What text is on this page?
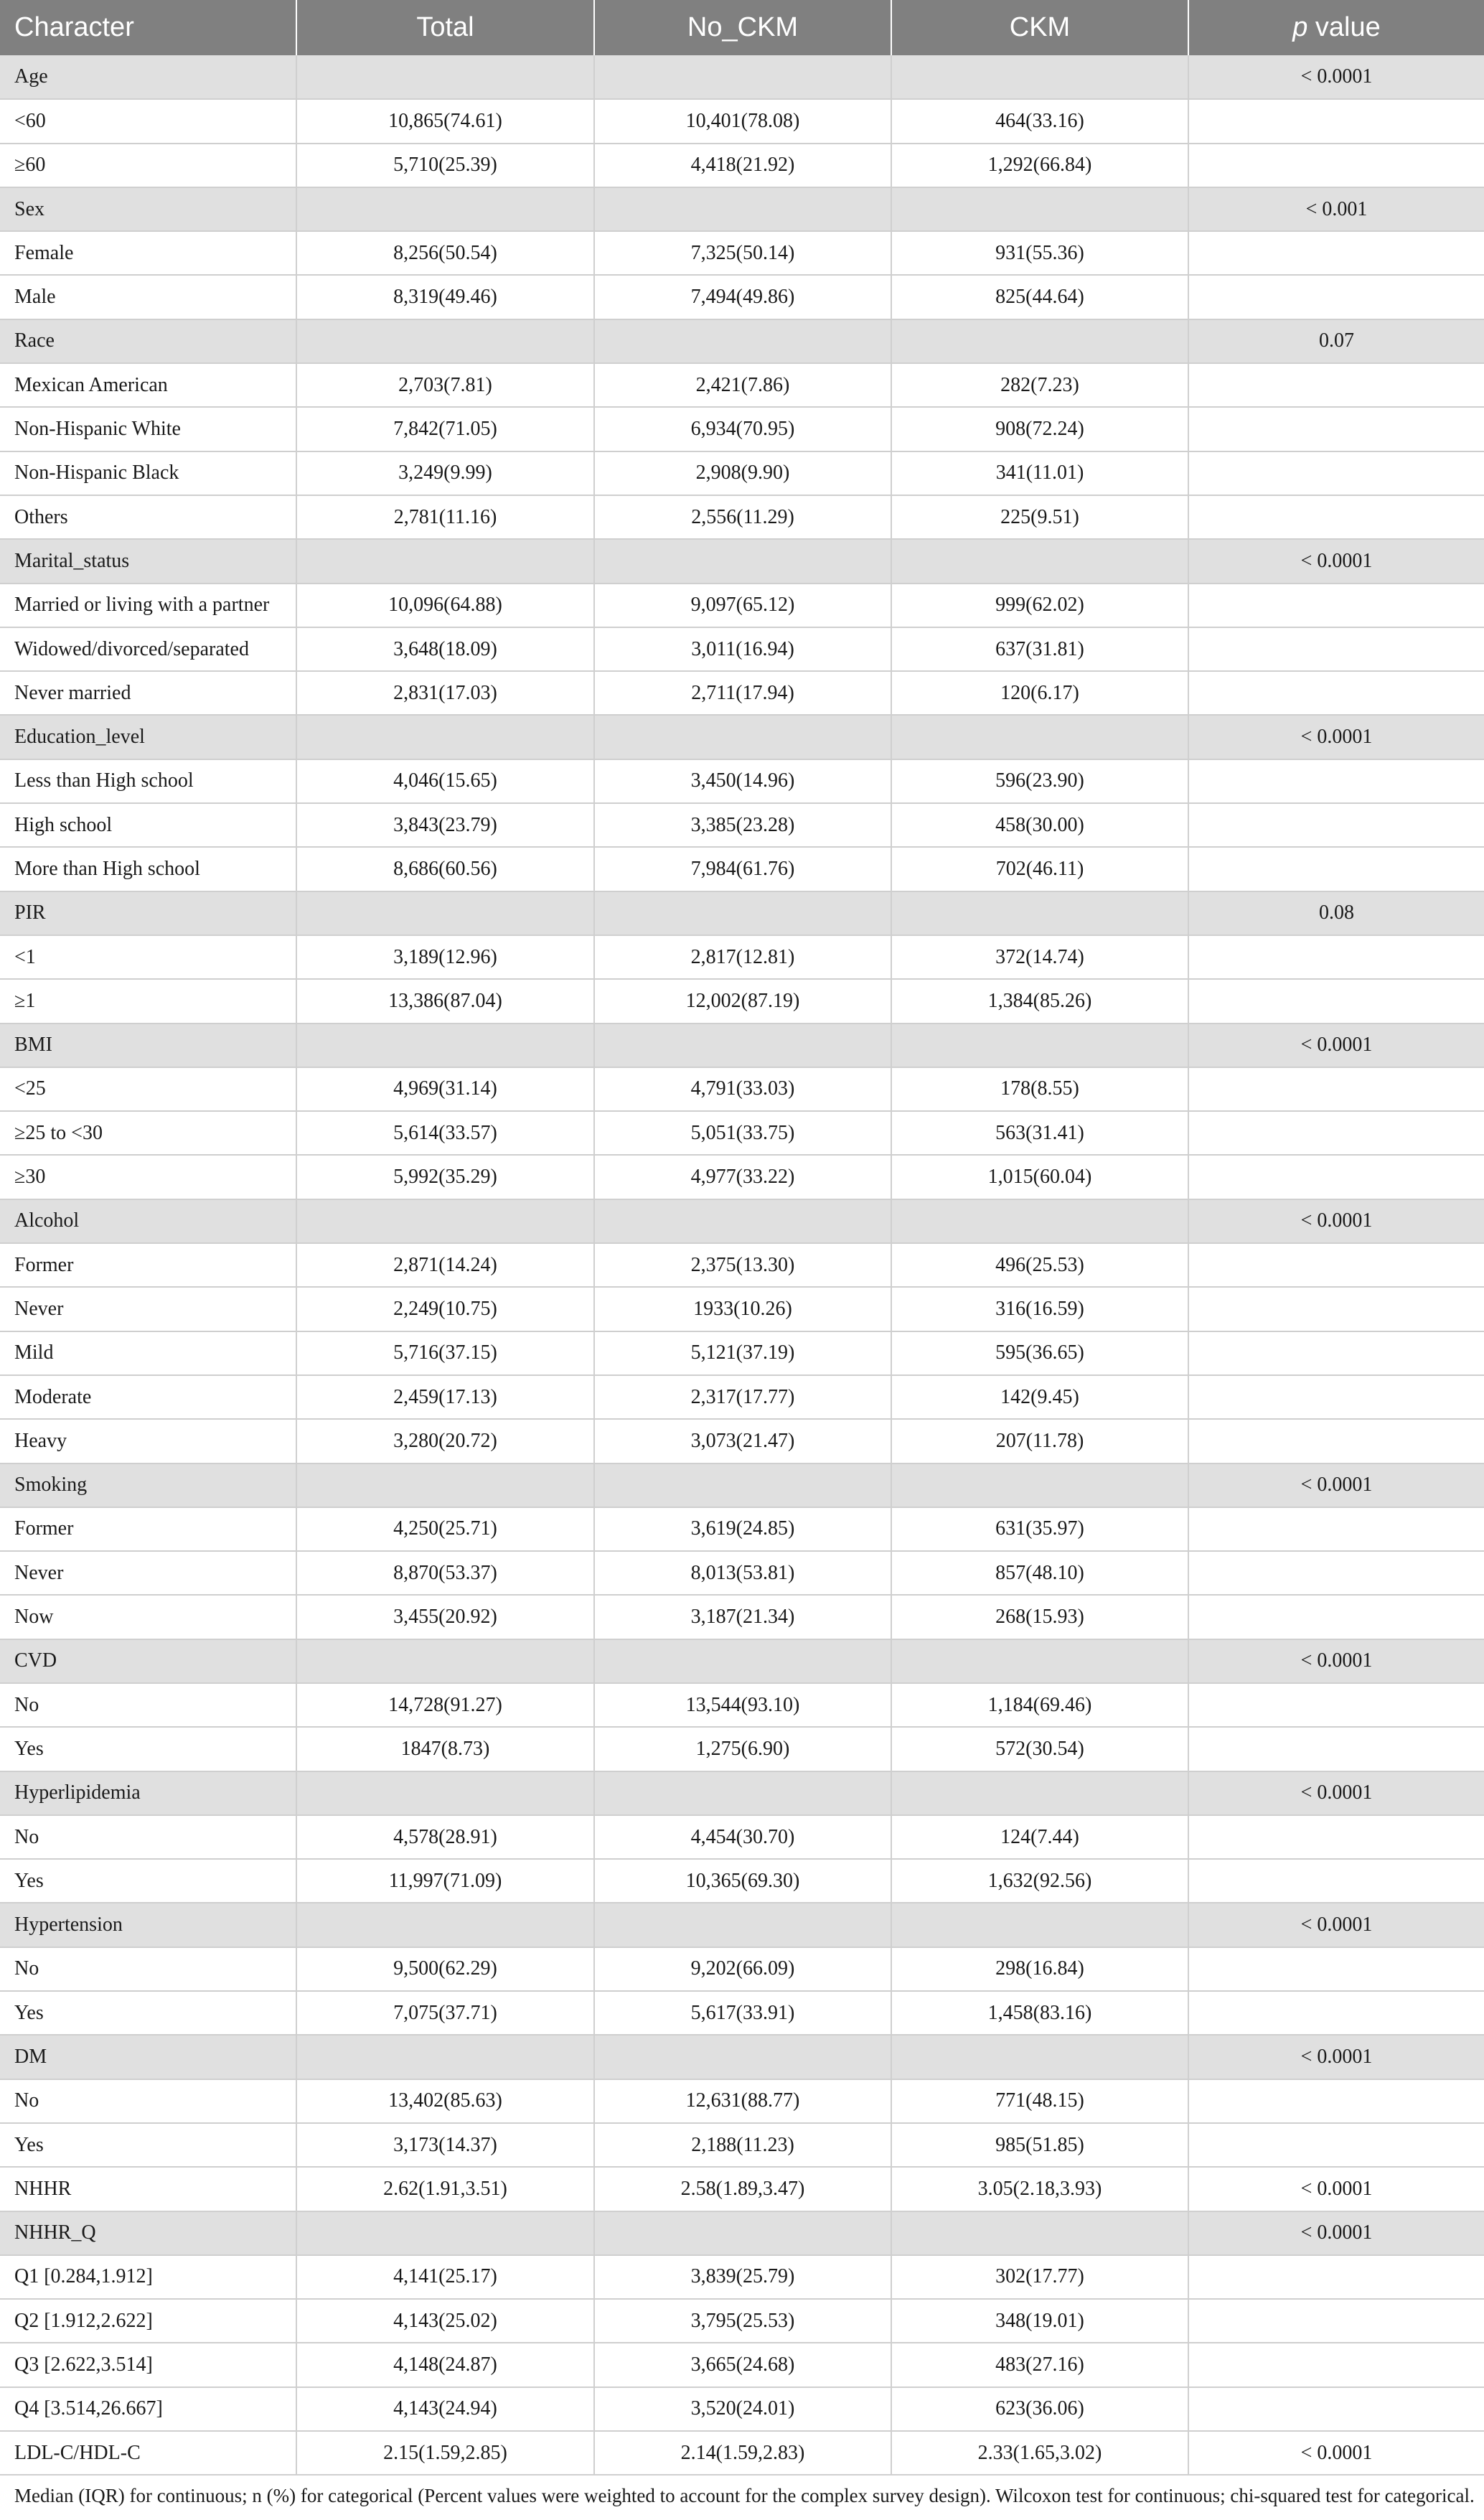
Character	Total	No_CKM	CKM	p value
Age				< 0.0001
<60	10,865(74.61)	10,401(78.08)	464(33.16)	
≥60	5,710(25.39)	4,418(21.92)	1,292(66.84)	
Sex				< 0.001
Female	8,256(50.54)	7,325(50.14)	931(55.36)	
Male	8,319(49.46)	7,494(49.86)	825(44.64)	
Race				0.07
Mexican American	2,703(7.81)	2,421(7.86)	282(7.23)	
Non-Hispanic White	7,842(71.05)	6,934(70.95)	908(72.24)	
Non-Hispanic Black	3,249(9.99)	2,908(9.90)	341(11.01)	
Others	2,781(11.16)	2,556(11.29)	225(9.51)	
Marital_status				< 0.0001
Married or living with a partner	10,096(64.88)	9,097(65.12)	999(62.02)	
Widowed/divorced/separated	3,648(18.09)	3,011(16.94)	637(31.81)	
Never married	2,831(17.03)	2,711(17.94)	120(6.17)	
Education_level				< 0.0001
Less than High school	4,046(15.65)	3,450(14.96)	596(23.90)	
High school	3,843(23.79)	3,385(23.28)	458(30.00)	
More than High school	8,686(60.56)	7,984(61.76)	702(46.11)	
PIR				0.08
<1	3,189(12.96)	2,817(12.81)	372(14.74)	
≥1	13,386(87.04)	12,002(87.19)	1,384(85.26)	
BMI				< 0.0001
<25	4,969(31.14)	4,791(33.03)	178(8.55)	
≥25 to <30	5,614(33.57)	5,051(33.75)	563(31.41)	
≥30	5,992(35.29)	4,977(33.22)	1,015(60.04)	
Alcohol				< 0.0001
Former	2,871(14.24)	2,375(13.30)	496(25.53)	
Never	2,249(10.75)	1933(10.26)	316(16.59)	
Mild	5,716(37.15)	5,121(37.19)	595(36.65)	
Moderate	2,459(17.13)	2,317(17.77)	142(9.45)	
Heavy	3,280(20.72)	3,073(21.47)	207(11.78)	
Smoking				< 0.0001
Former	4,250(25.71)	3,619(24.85)	631(35.97)	
Never	8,870(53.37)	8,013(53.81)	857(48.10)	
Now	3,455(20.92)	3,187(21.34)	268(15.93)	
CVD				< 0.0001
No	14,728(91.27)	13,544(93.10)	1,184(69.46)	
Yes	1847(8.73)	1,275(6.90)	572(30.54)	
Hyperlipidemia				< 0.0001
No	4,578(28.91)	4,454(30.70)	124(7.44)	
Yes	11,997(71.09)	10,365(69.30)	1,632(92.56)	
Hypertension				< 0.0001
No	9,500(62.29)	9,202(66.09)	298(16.84)	
Yes	7,075(37.71)	5,617(33.91)	1,458(83.16)	
DM				< 0.0001
No	13,402(85.63)	12,631(88.77)	771(48.15)	
Yes	3,173(14.37)	2,188(11.23)	985(51.85)	
NHHR	2.62(1.91,3.51)	2.58(1.89,3.47)	3.05(2.18,3.93)	< 0.0001
NHHR_Q				< 0.0001
Q1 [0.284,1.912]	4,141(25.17)	3,839(25.79)	302(17.77)	
Q2 [1.912,2.622]	4,143(25.02)	3,795(25.53)	348(19.01)	
Q3 [2.622,3.514]	4,148(24.87)	3,665(24.68)	483(27.16)	
Q4 [3.514,26.667]	4,143(24.94)	3,520(24.01)	623(36.06)	
LDL-C/HDL-C	2.15(1.59,2.85)	2.14(1.59,2.83)	2.33(1.65,3.02)	< 0.0001
Median (IQR) for continuous; n (%) for categorical (Percent values were weighted to account for the complex survey design). Wilcoxon test for continuous; chi-squared test for categorical.
